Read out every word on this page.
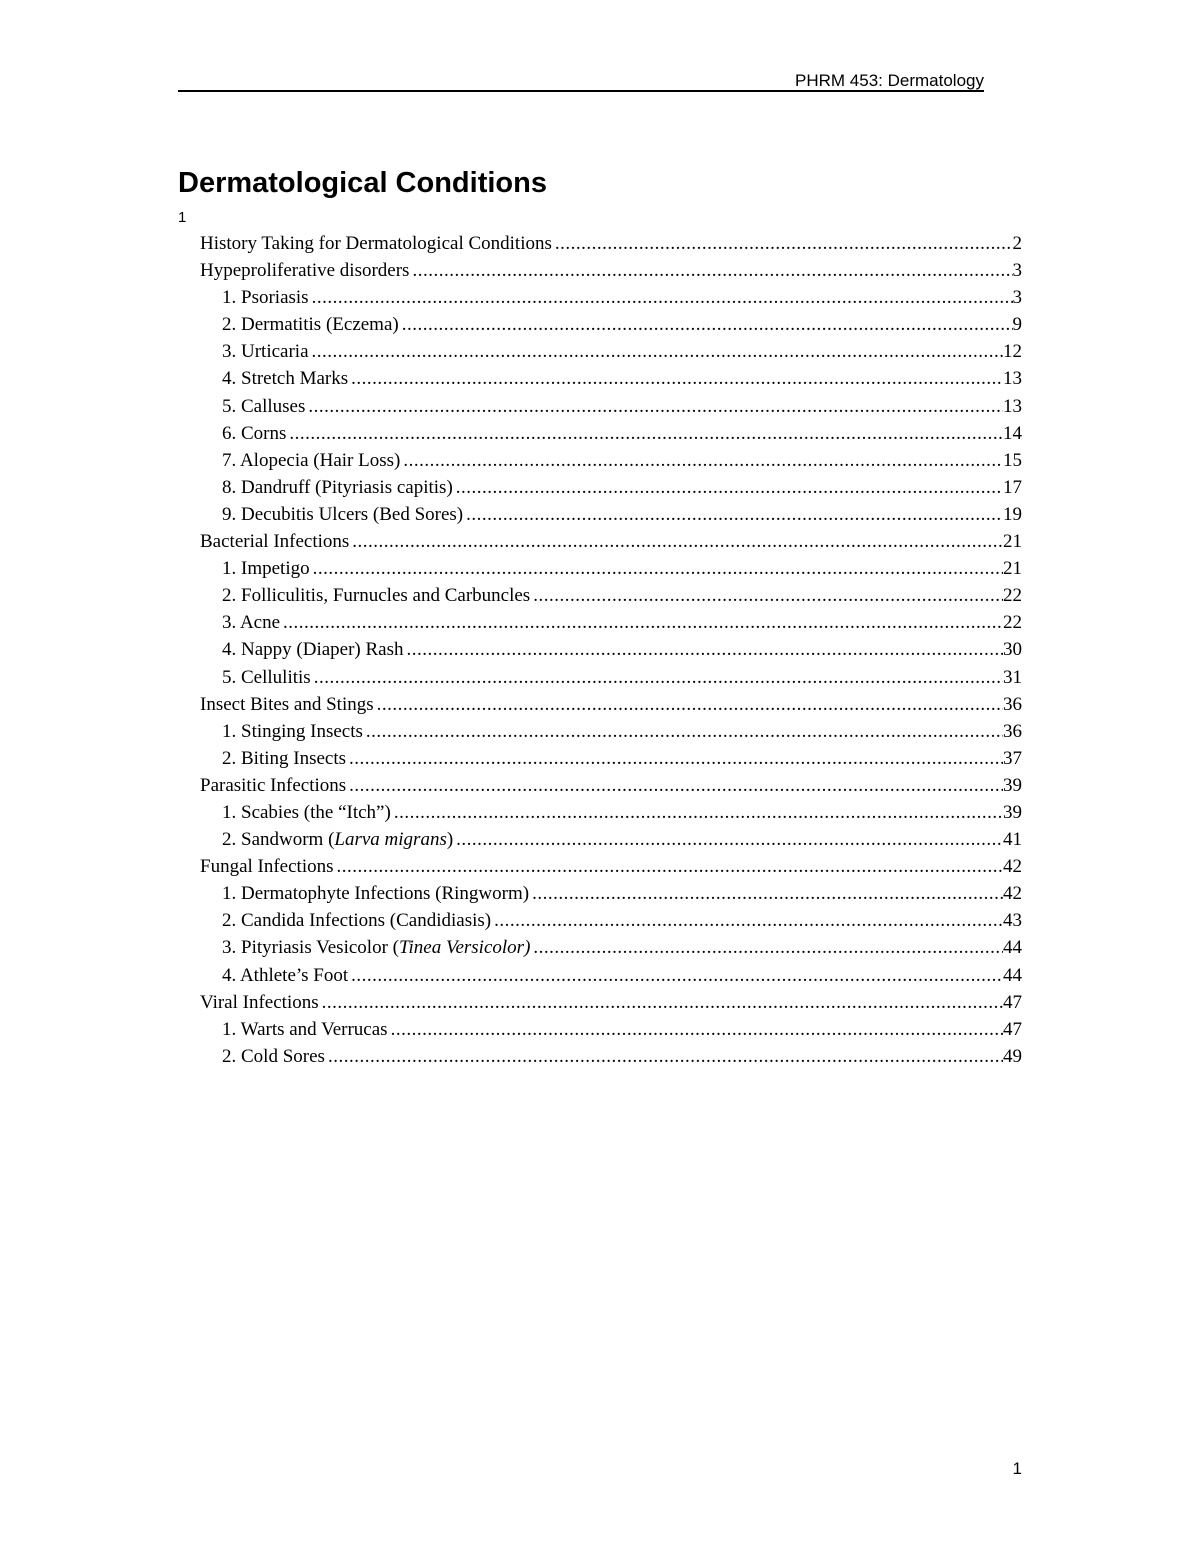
PHRM 453: Dermatology
Dermatological Conditions
1
History Taking for Dermatological Conditions .....	2
Hypeproliferative disorders .....	3
1. Psoriasis .....	3
2. Dermatitis (Eczema) .....	9
3. Urticaria .....	12
4. Stretch Marks .....	13
5. Calluses .....	13
6. Corns .....	14
7. Alopecia (Hair Loss) .....	15
8. Dandruff (Pityriasis capitis) .....	17
9. Decubitis Ulcers (Bed Sores) .....	19
Bacterial Infections .....	21
1. Impetigo .....	21
2. Folliculitis, Furnucles and Carbuncles .....	22
3. Acne .....	22
4. Nappy (Diaper) Rash .....	30
5. Cellulitis .....	31
Insect Bites and Stings .....	36
1. Stinging Insects .....	36
2. Biting Insects .....	37
Parasitic Infections .....	39
1. Scabies (the “Itch”) .....	39
2. Sandworm (Larva migrans) .....	41
Fungal Infections .....	42
1. Dermatophyte Infections (Ringworm) .....	42
2. Candida Infections (Candidiasis) .....	43
3. Pityriasis Vesicolor (Tinea Versicolor) .....	44
4. Athlete’s Foot .....	44
Viral Infections .....	47
1. Warts and Verrucas .....	47
2. Cold Sores .....	49
1
